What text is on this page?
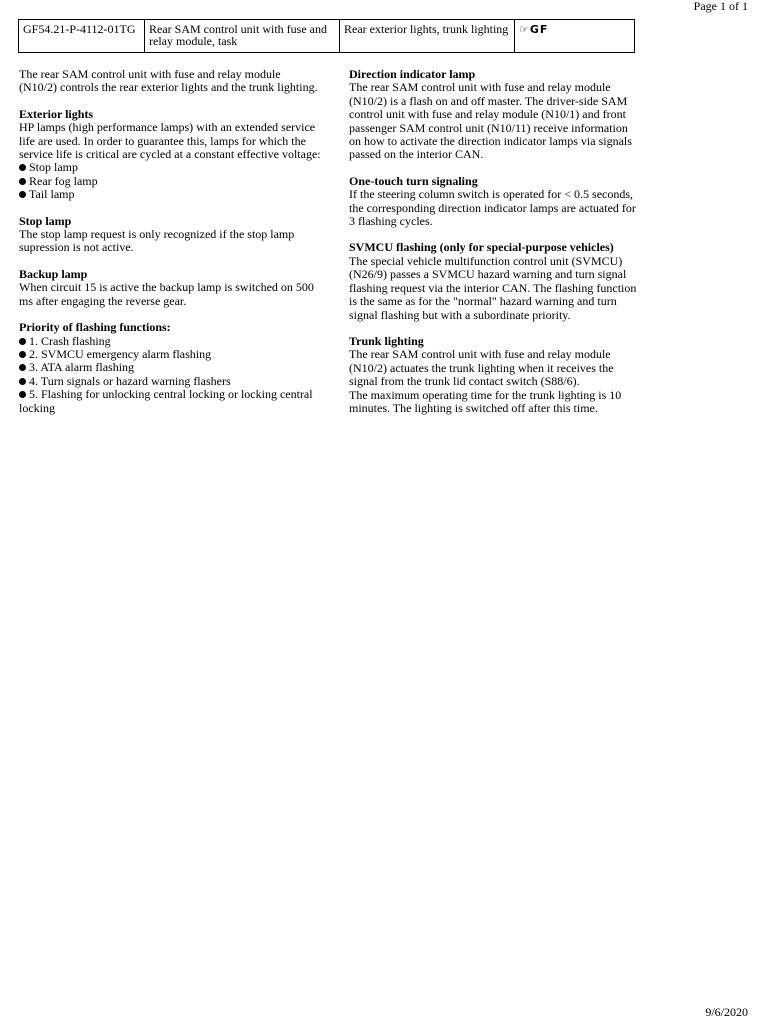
Page 1 of 1
GF54.21-P-4112-01TG	Rear SAM control unit with fuse and relay module, task	Rear exterior lights, trunk lighting	☞GF

The rear SAM control unit with fuse and relay module (N10/2) controls the rear exterior lights and the trunk lighting.

Exterior lights

HP lamps (high performance lamps) with an extended service life are used. In order to guarantee this, lamps for which the service life is critical are cycled at a constant effective voltage:

Stop lamp
Rear fog lamp
Tail lamp
Stop lamp

The stop lamp request is only recognized if the stop lamp supression is not active.

Backup lamp

When circuit 15 is active the backup lamp is switched on 500 ms after engaging the reverse gear.

Priority of flashing functions:
1. Crash flashing
2. SVMCU emergency alarm flashing
3. ATA alarm flashing
4. Turn signals or hazard warning flashers
5. Flashing for unlocking central locking or locking central locking
Direction indicator lamp

The rear SAM control unit with fuse and relay module (N10/2) is a flash on and off master. The driver-side SAM control unit with fuse and relay module (N10/1) and front passenger SAM control unit (N10/11) receive information on how to activate the direction indicator lamps via signals passed on the interior CAN.

One-touch turn signaling

If the steering column switch is operated for < 0.5 seconds, the corresponding direction indicator lamps are actuated for 3 flashing cycles.

SVMCU flashing (only for special-purpose vehicles)

The special vehicle multifunction control unit (SVMCU) (N26/9) passes a SVMCU hazard warning and turn signal flashing request via the interior CAN. The flashing function is the same as for the "normal" hazard warning and turn signal flashing but with a subordinate priority.

Trunk lighting

The rear SAM control unit with fuse and relay module (N10/2) actuates the trunk lighting when it receives the signal from the trunk lid contact switch (S88/6).

The maximum operating time for the trunk lighting is 10 minutes. The lighting is switched off after this time.

9/6/2020
